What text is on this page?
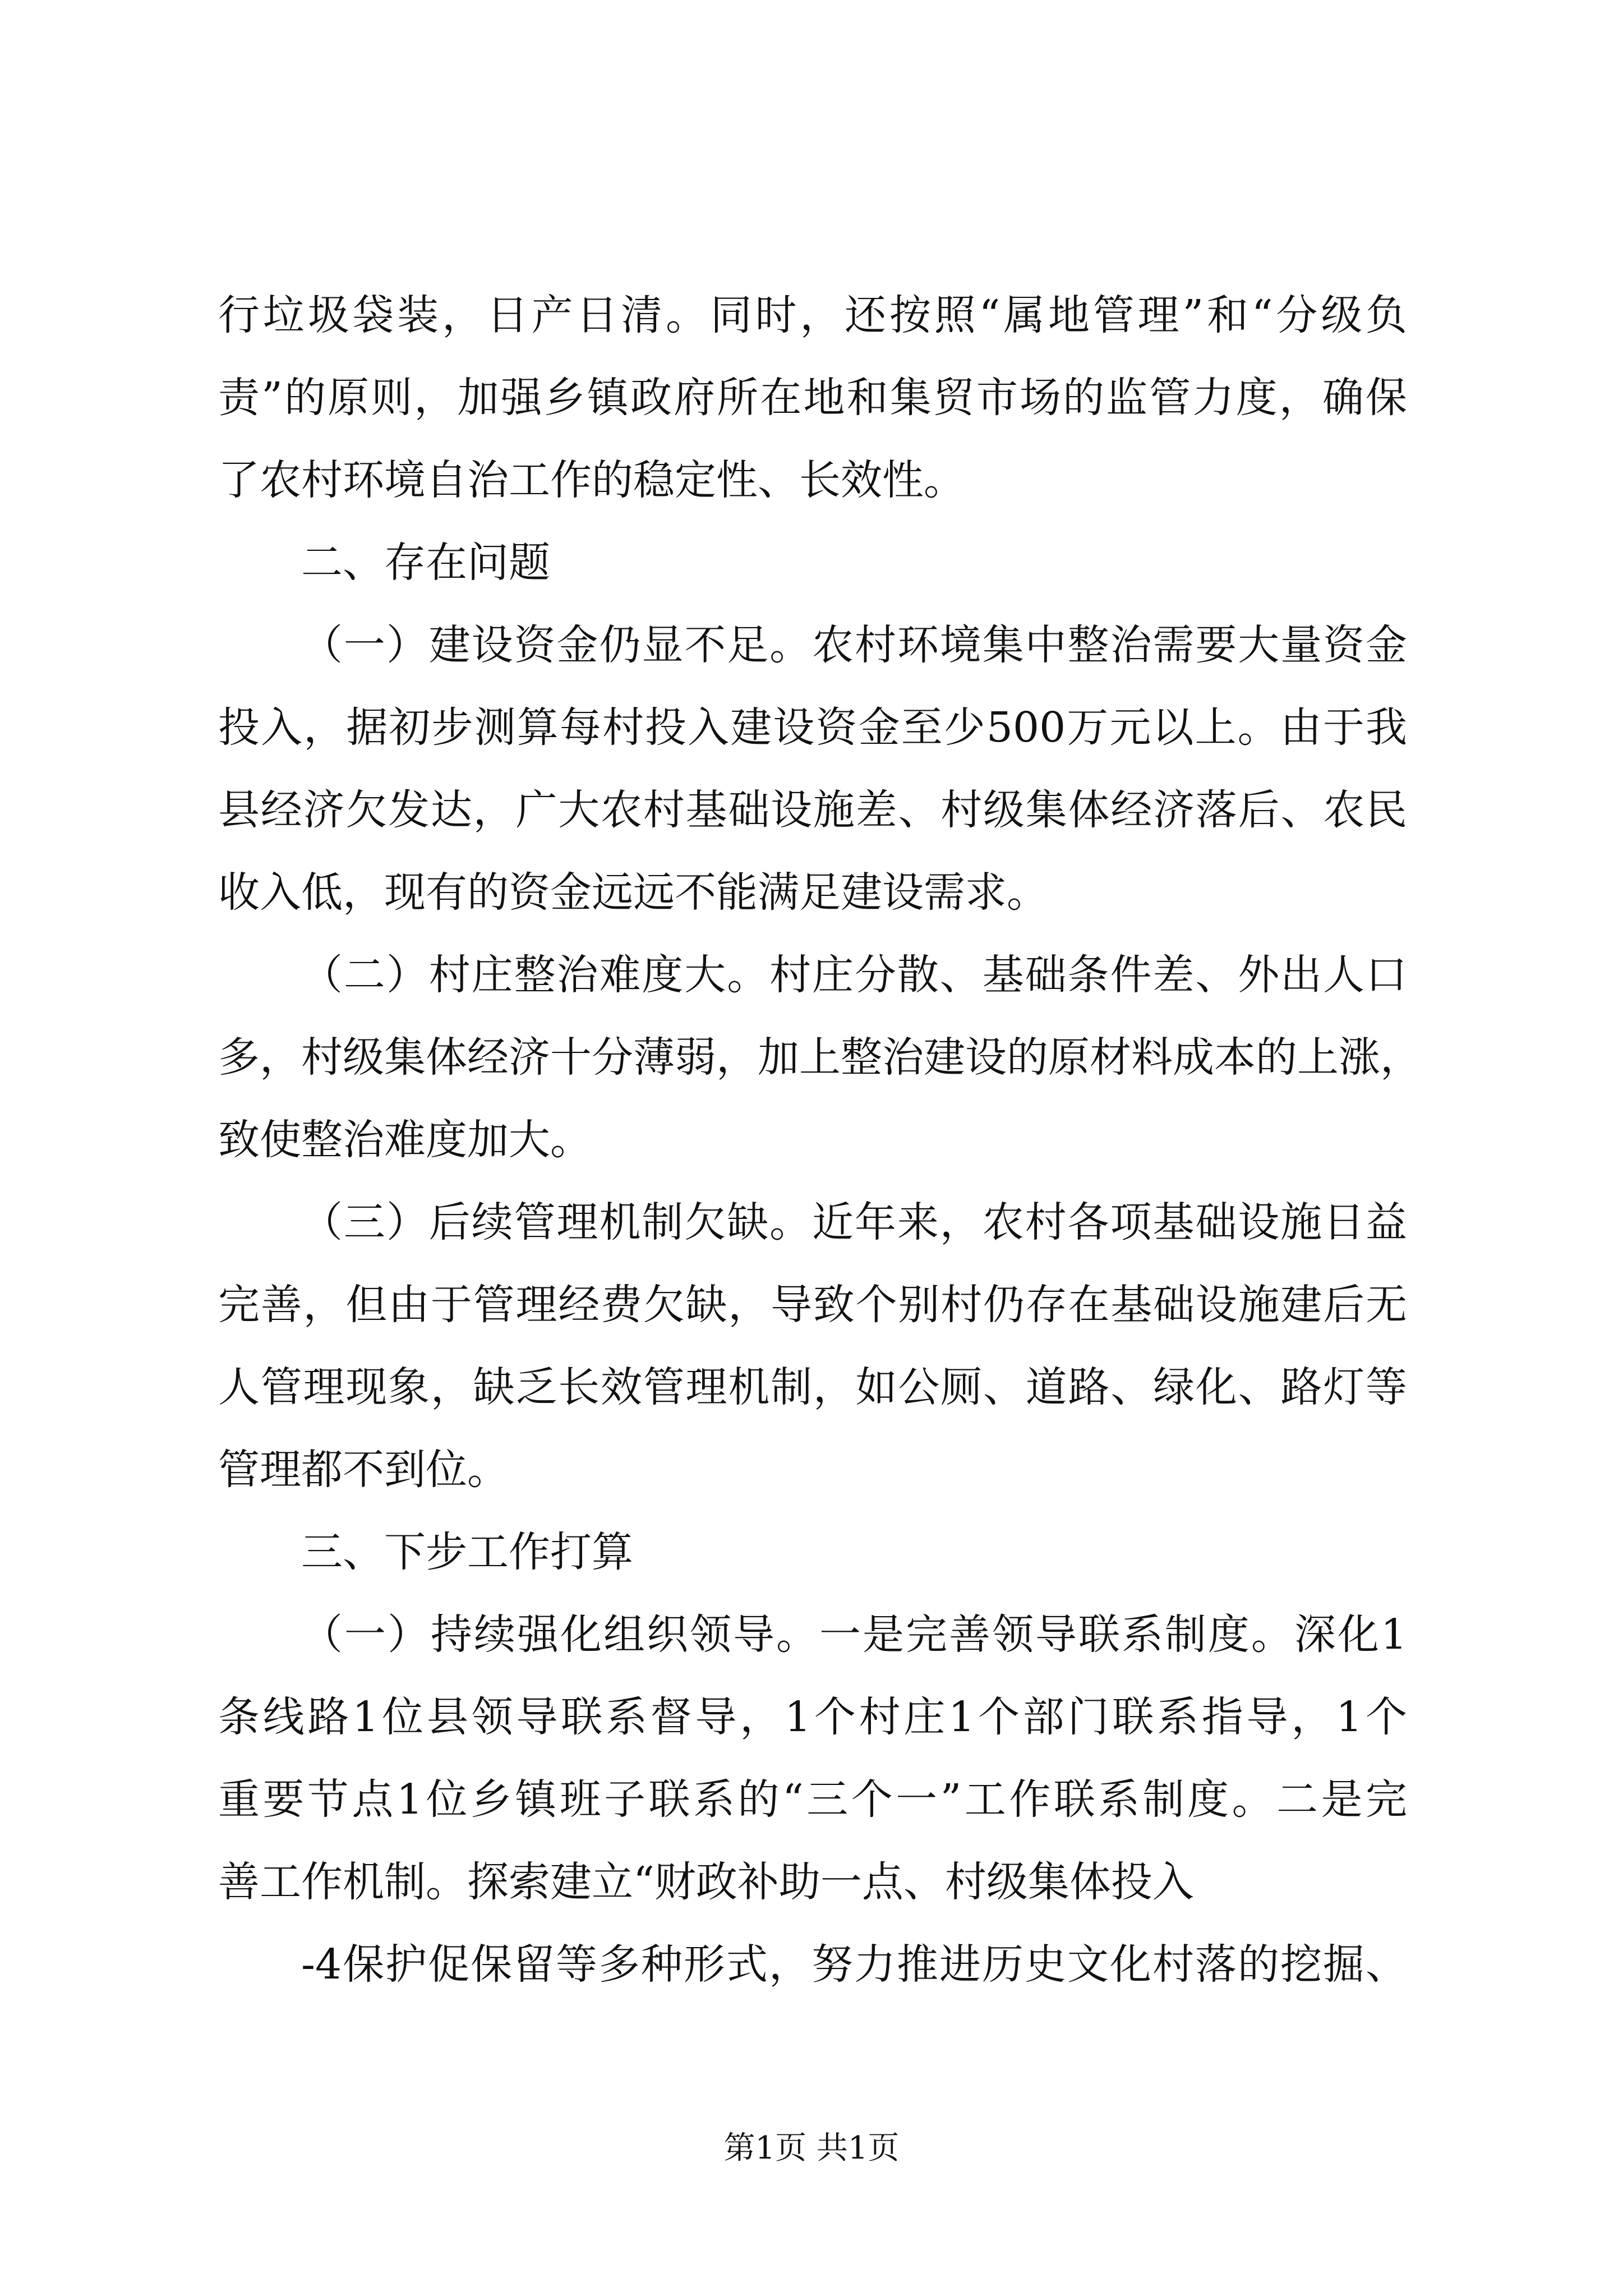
行垃圾袋装，日产日清。同时，还按照“属地管理”和“分级负
责”的原则，加强乡镇政府所在地和集贸市场的监管力度，确保
了农村环境自治工作的稳定性、长效性。
二、存在问题
（一）建设资金仍显不足。农村环境集中整治需要大量资金
投入，据初步测算每村投入建设资金至少500万元以上。由于我
县经济欠发达，广大农村基础设施差、村级集体经济落后、农民
收入低，现有的资金远远不能满足建设需求。
（二）村庄整治难度大。村庄分散、基础条件差、外出人口
多，村级集体经济十分薄弱，加上整治建设的原材料成本的上涨，
致使整治难度加大。
（三）后续管理机制欠缺。近年来，农村各项基础设施日益
完善，但由于管理经费欠缺，导致个别村仍存在基础设施建后无
人管理现象，缺乏长效管理机制，如公厕、道路、绿化、路灯等
管理都不到位。
三、下步工作打算
（一）持续强化组织领导。一是完善领导联系制度。深化1
条线路1位县领导联系督导，1个村庄1个部门联系指导，1个
重要节点1位乡镇班子联系的“三个一”工作联系制度。二是完
善工作机制。探索建立“财政补助一点、村级集体投入
-4保护促保留等多种形式，努力推进历史文化村落的挖掘、
第1页 共1页
